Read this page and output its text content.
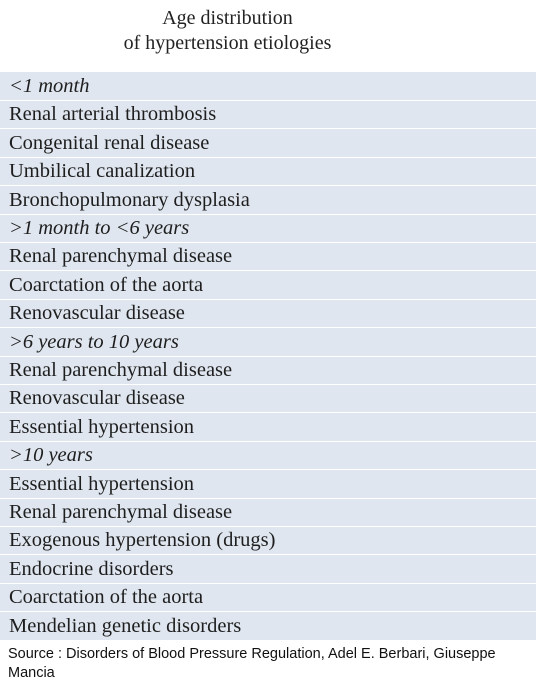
Age distribution
of hypertension etiologies
<1 month
Renal arterial thrombosis
Congenital renal disease
Umbilical canalization
Bronchopulmonary dysplasia
>1 month to <6 years
Renal parenchymal disease
Coarctation of the aorta
Renovascular disease
>6 years to 10 years
Renal parenchymal disease
Renovascular disease
Essential hypertension
>10 years
Essential hypertension
Renal parenchymal disease
Exogenous hypertension (drugs)
Endocrine disorders
Coarctation of the aorta
Mendelian genetic disorders
Source : Disorders of Blood Pressure Regulation, Adel E. Berbari, Giuseppe Mancia
